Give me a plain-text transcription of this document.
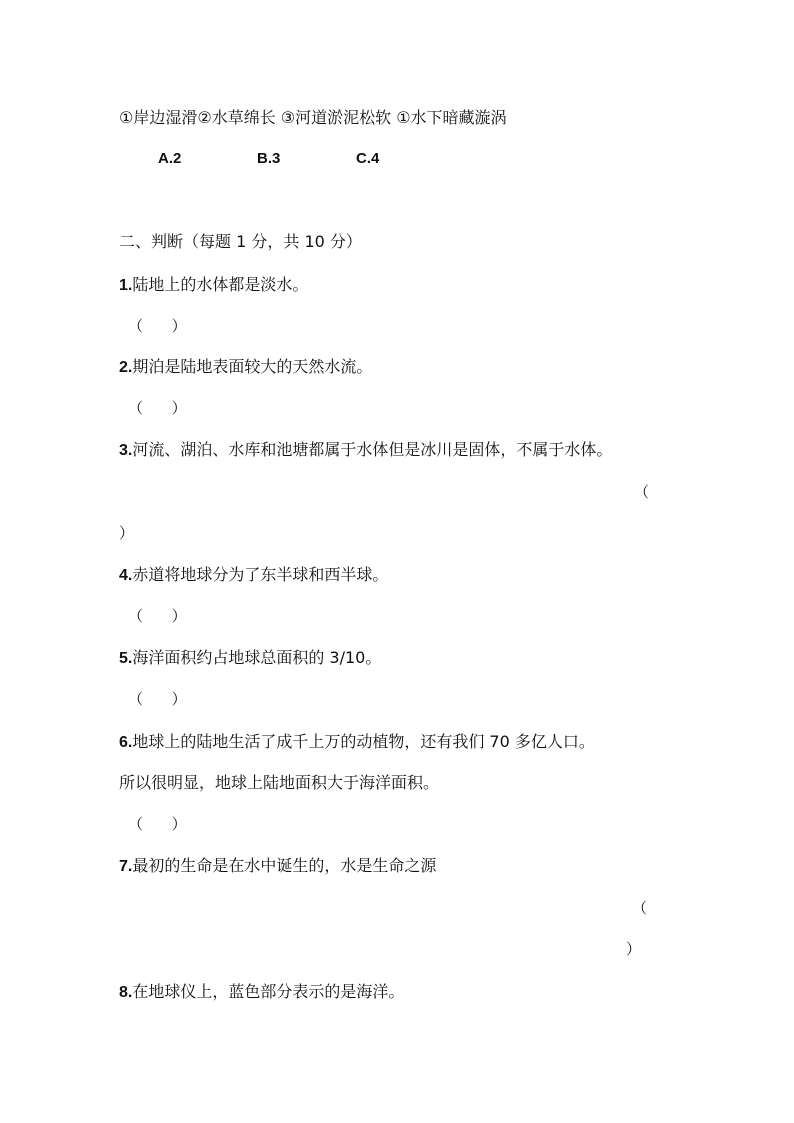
①岸边湿滑②水草绵长 ③河道淤泥松软 ①水下暗藏漩涡
A.2	B.3	C.4
二、判断（每题 1 分，共 10 分）
1.陆地上的水体都是淡水。
（      ）
2.期泊是陆地表面较大的天然水流。
（      ）
3.河流、湖泊、水库和池塘都属于水体但是冰川是固体，不属于水体。
（
）
4.赤道将地球分为了东半球和西半球。
（      ）
5.海洋面积约占地球总面积的 3/10。
（      ）
6.地球上的陆地生活了成千上万的动植物，还有我们 70 多亿人口。
所以很明显，地球上陆地面积大于海洋面积。
（      ）
7.最初的生命是在水中诞生的，水是生命之源
（
）
8.在地球仪上，蓝色部分表示的是海洋。
